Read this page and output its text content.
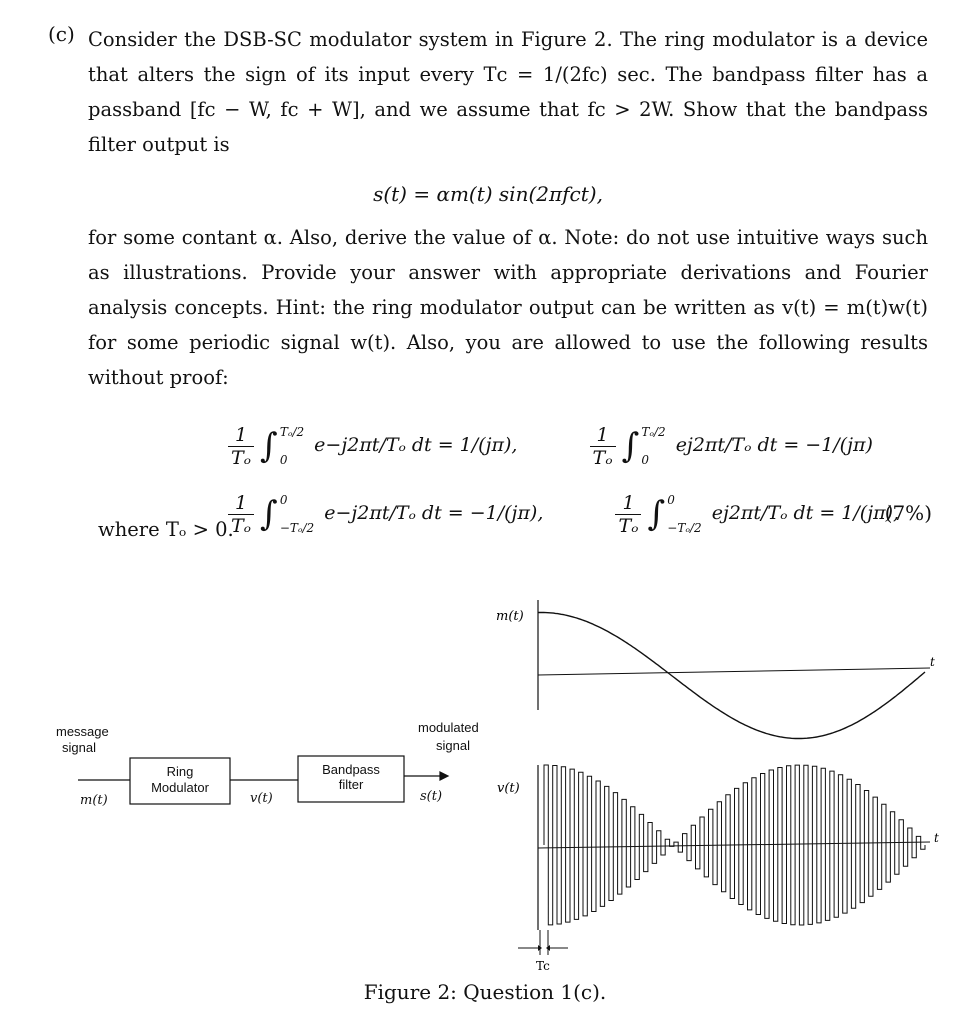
(c) Consider the DSB-SC modulator system in Figure 2. The ring modulator is a device that alters the sign of its input every Tс = 1/(2fс) sec. The bandpass filter has a passband [fс − W, fс + W], and we assume that fс > 2W. Show that the bandpass filter output is

s(t) = αm(t) sin(2πfсt),

for some contant α. Also, derive the value of α. Note: do not use intuitive ways such as illustrations. Provide your answer with appropriate derivations and Fourier analysis concepts. Hint: the ring modulator output can be written as v(t) = m(t)w(t) for some periodic signal w(t). Also, you are allowed to use the following results without proof:

$\frac{1}{\text{Tₒ}}$ ∫ Tₒ/2
0
e−j2πt/Tₒ dt = 1/(jπ),	$\frac{1}{\text{Tₒ}}$ ∫ Tₒ/2
0
ej2πt/Tₒ dt = −1/(jπ)
$\frac{1}{\text{Tₒ}}$ ∫ 0
−Tₒ/2
e−j2πt/Tₒ dt = −1/(jπ),	$\frac{1}{\text{Tₒ}}$ ∫ 0
−Tₒ/2
ej2πt/Tₒ dt = 1/(jπ),
(7%)
where Tₒ > 0.
message
signal
m(t)
Ring
Modulator
v(t)
Bandpass
filter
s(t)
modulated
signal
m(t)
t
v(t)
t
Tc
Figure 2: Question 1(c).
